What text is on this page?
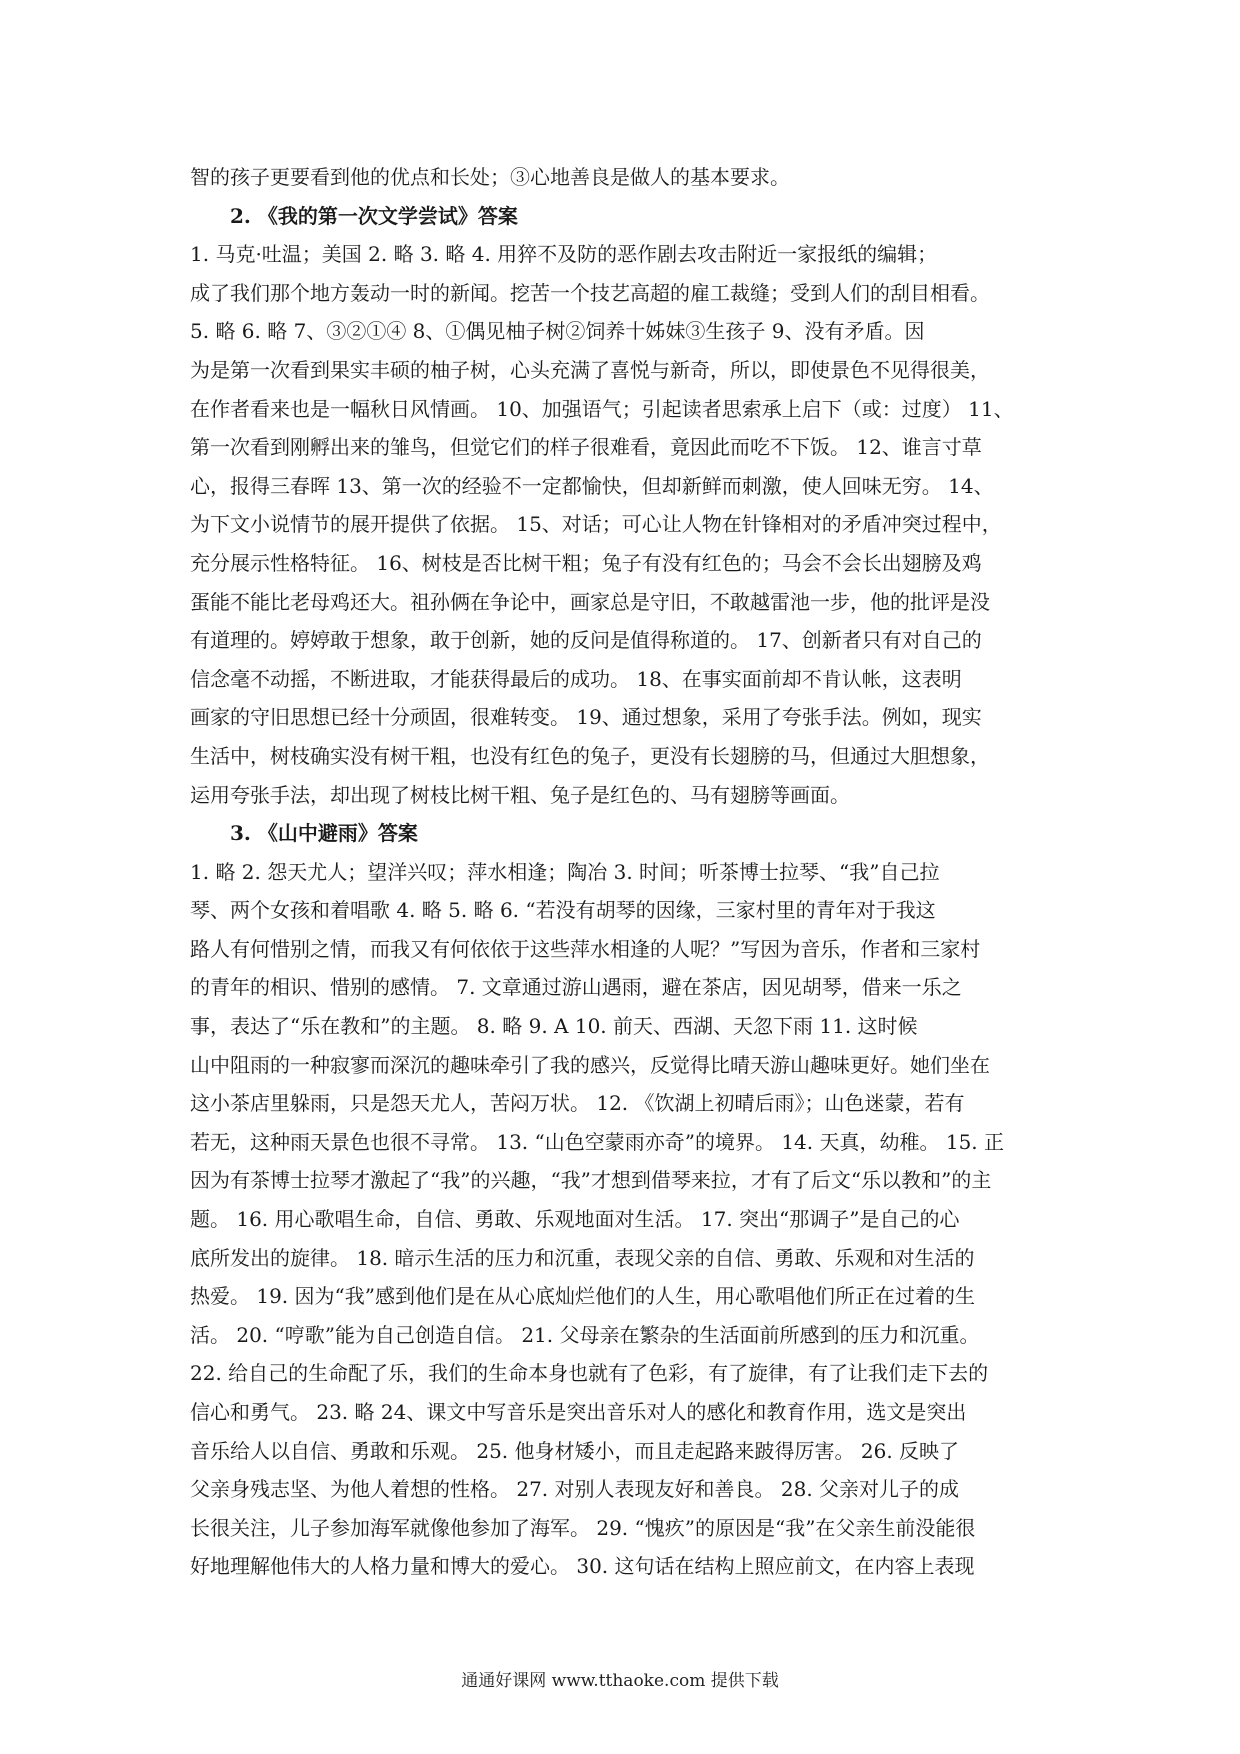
智的孩子更要看到他的优点和长处；③心地善良是做人的基本要求。
2. 《我的第一次文学尝试》答案
1. 马克·吐温；美国 2. 略 3. 略 4. 用猝不及防的恶作剧去攻击附近一家报纸的编辑；
成了我们那个地方轰动一时的新闻。挖苦一个技艺高超的雇工裁缝；受到人们的刮目相看。
5. 略 6. 略 7、③②①④ 8、①偶见柚子树②饲养十姊妹③生孩子 9、没有矛盾。因
为是第一次看到果实丰硕的柚子树，心头充满了喜悦与新奇，所以，即使景色不见得很美，
在作者看来也是一幅秋日风情画。 10、加强语气；引起读者思索承上启下（或：过度） 11、
第一次看到刚孵出来的雏鸟，但觉它们的样子很难看，竟因此而吃不下饭。 12、谁言寸草
心，报得三春晖 13、第一次的经验不一定都愉快，但却新鲜而刺激，使人回味无穷。 14、
为下文小说情节的展开提供了依据。 15、对话；可心让人物在针锋相对的矛盾冲突过程中，
充分展示性格特征。 16、树枝是否比树干粗；兔子有没有红色的；马会不会长出翅膀及鸡
蛋能不能比老母鸡还大。祖孙俩在争论中，画家总是守旧，不敢越雷池一步，他的批评是没
有道理的。婷婷敢于想象，敢于创新，她的反问是值得称道的。 17、创新者只有对自己的
信念毫不动摇，不断进取，才能获得最后的成功。 18、在事实面前却不肯认帐，这表明
画家的守旧思想已经十分顽固，很难转变。 19、通过想象，采用了夸张手法。例如，现实
生活中，树枝确实没有树干粗，也没有红色的兔子，更没有长翅膀的马，但通过大胆想象，
运用夸张手法，却出现了树枝比树干粗、兔子是红色的、马有翅膀等画面。
3. 《山中避雨》答案
1. 略 2. 怨天尤人；望洋兴叹；萍水相逢；陶冶 3. 时间；听茶博士拉琴、“我”自己拉
琴、两个女孩和着唱歌 4. 略 5. 略 6. “若没有胡琴的因缘，三家村里的青年对于我这
路人有何惜别之情，而我又有何依依于这些萍水相逢的人呢？”写因为音乐，作者和三家村
的青年的相识、惜别的感情。 7. 文章通过游山遇雨，避在茶店，因见胡琴，借来一乐之
事，表达了“乐在教和”的主题。 8. 略 9. A 10. 前天、西湖、天忽下雨 11. 这时候
山中阻雨的一种寂寥而深沉的趣味牵引了我的感兴，反觉得比晴天游山趣味更好。她们坐在
这小茶店里躲雨，只是怨天尤人，苦闷万状。 12. 《饮湖上初晴后雨》；山色迷蒙，若有
若无，这种雨天景色也很不寻常。 13. “山色空蒙雨亦奇”的境界。 14. 天真，幼稚。 15. 正
因为有茶博士拉琴才激起了“我”的兴趣，“我”才想到借琴来拉，才有了后文“乐以教和”的主
题。 16. 用心歌唱生命，自信、勇敢、乐观地面对生活。 17. 突出“那调子”是自己的心
底所发出的旋律。 18. 暗示生活的压力和沉重，表现父亲的自信、勇敢、乐观和对生活的
热爱。 19. 因为“我”感到他们是在从心底灿烂他们的人生，用心歌唱他们所正在过着的生
活。 20. “哼歌”能为自己创造自信。 21. 父母亲在繁杂的生活面前所感到的压力和沉重。
22. 给自己的生命配了乐，我们的生命本身也就有了色彩，有了旋律，有了让我们走下去的
信心和勇气。 23. 略 24、课文中写音乐是突出音乐对人的感化和教育作用，选文是突出
音乐给人以自信、勇敢和乐观。 25. 他身材矮小，而且走起路来跛得厉害。 26. 反映了
父亲身残志坚、为他人着想的性格。 27. 对别人表现友好和善良。 28. 父亲对儿子的成
长很关注，儿子参加海军就像他参加了海军。 29. “愧疚”的原因是“我”在父亲生前没能很
好地理解他伟大的人格力量和博大的爱心。 30. 这句话在结构上照应前文，在内容上表现
通通好课网 www.tthaoke.com 提供下载
